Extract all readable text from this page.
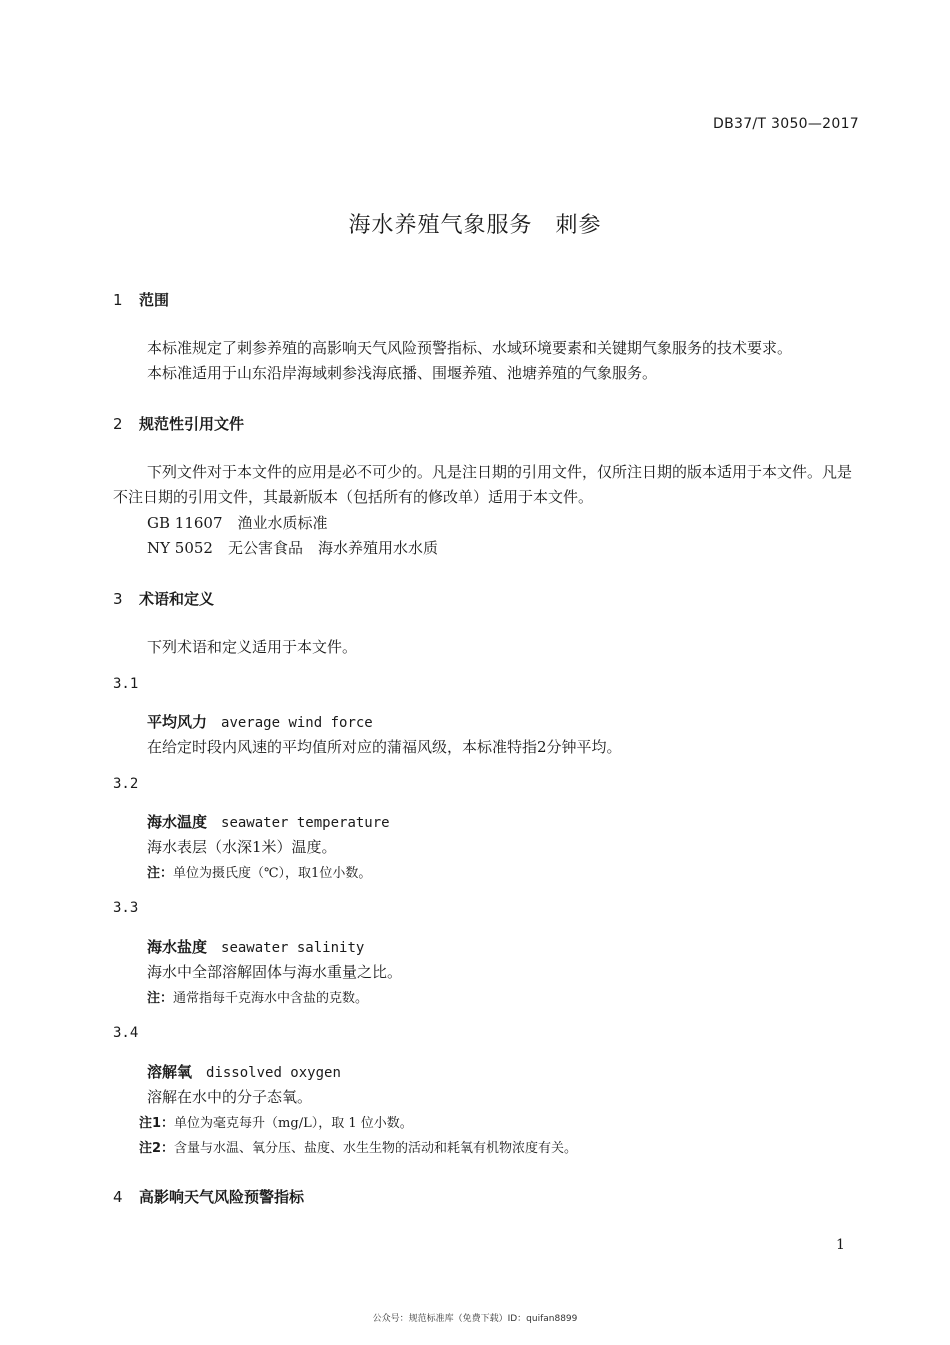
DB37/T 3050—2017
海水养殖气象服务　刺参
1 范围

本标准规定了刺参养殖的高影响天气风险预警指标、水域环境要素和关键期气象服务的技术要求。

本标准适用于山东沿岸海域刺参浅海底播、围堰养殖、池塘养殖的气象服务。

2 规范性引用文件

下列文件对于本文件的应用是必不可少的。凡是注日期的引用文件，仅所注日期的版本适用于本文件。凡是不注日期的引用文件，其最新版本（包括所有的修改单）适用于本文件。

GB 11607　渔业水质标准
NY 5052　无公害食品　海水养殖用水水质
3 术语和定义
下列术语和定义适用于本文件。
3.1
平均风力 average wind force
在给定时段内风速的平均值所对应的蒲福风级，本标准特指2分钟平均。
3.2
海水温度 seawater temperature
海水表层（水深1米）温度。
注：单位为摄氏度（℃），取1位小数。
3.3
海水盐度 seawater salinity
海水中全部溶解固体与海水重量之比。
注：通常指每千克海水中含盐的克数。
3.4
溶解氧 dissolved oxygen
溶解在水中的分子态氧。
注1：单位为毫克每升（mg/L），取 1 位小数。
注2：含量与水温、氧分压、盐度、水生生物的活动和耗氧有机物浓度有关。
4 高影响天气风险预警指标
1
公众号：规范标准库（免费下载）ID：quifan8899
